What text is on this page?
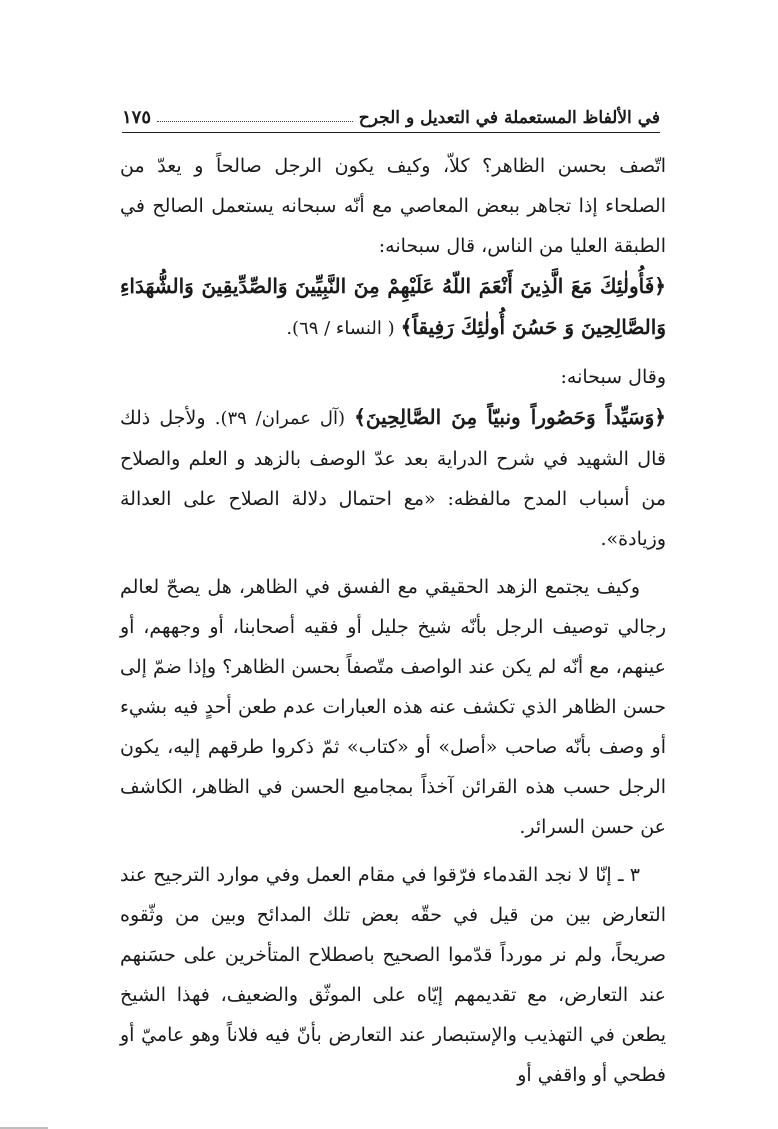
في الألفاظ المستعملة في التعديل و الجرح
١٧٥

اتّصف بحسن الظاهر؟ كلاّ، وكيف يكون الرجل صالحاً و يعدّ من الصلحاء إذا تجاهر ببعض المعاصي مع أنّه سبحانه يستعمل الصالح في الطبقة العليا من الناس، قال سبحانه:

﴿فَأُولٰئِكَ مَعَ الَّذِينَ أَنْعَمَ اللّهُ عَلَيْهِمْ مِنَ النَّبِيِّينَ وَالصِّدِّيقِينَ وَالشُّهَدَاءِ وَالصَّالِحِينَ وَ حَسُنَ أُولٰئِكَ رَفِيقاً﴾ ( النساء / ٦٩).

وقال سبحانه:

﴿وَسَيِّداً وَحَصُوراً ونبيّاً مِنَ الصَّالِحِينَ﴾ (آل عمران/ ٣٩). ولأجل ذلك قال الشهيد في شرح الدراية بعد عدّ الوصف بالزهد و العلم والصلاح من أسباب المدح مالفظه: «مع احتمال دلالة الصلاح على العدالة وزيادة».

وكيف يجتمع الزهد الحقيقي مع الفسق في الظاهر، هل يصحّ لعالم رجالي توصيف الرجل بأنّه شيخ جليل أو فقيه أصحابنا، أو وجههم، أو عينهم، مع أنّه لم يكن عند الواصف متّصفاً بحسن الظاهر؟ وإذا ضمّ إلى حسن الظاهر الذي تكشف عنه هذه العبارات عدم طعن أحدٍ فيه بشيء أو وصف بأنّه صاحب «أصل» أو «كتاب» ثمّ ذكروا طرقهم إليه، يكون الرجل حسب هذه القرائن آخذاً بمجاميع الحسن في الظاهر، الكاشف عن حسن السرائر.

٣ ـ إنّا لا نجد القدماء فرّقوا في مقام العمل وفي موارد الترجيح عند التعارض بين من قيل في حقّه بعض تلك المدائح وبين من وثّقوه صريحاً، ولم نر مورداً قدّموا الصحيح باصطلاح المتأخرين على حسَنهم عند التعارض، مع تقديمهم إيّاه على الموثّق والضعيف، فهذا الشيخ يطعن في التهذيب والإستبصار عند التعارض بأنّ فيه فلاناً وهو عاميّ أو فطحي أو واقفي أو
